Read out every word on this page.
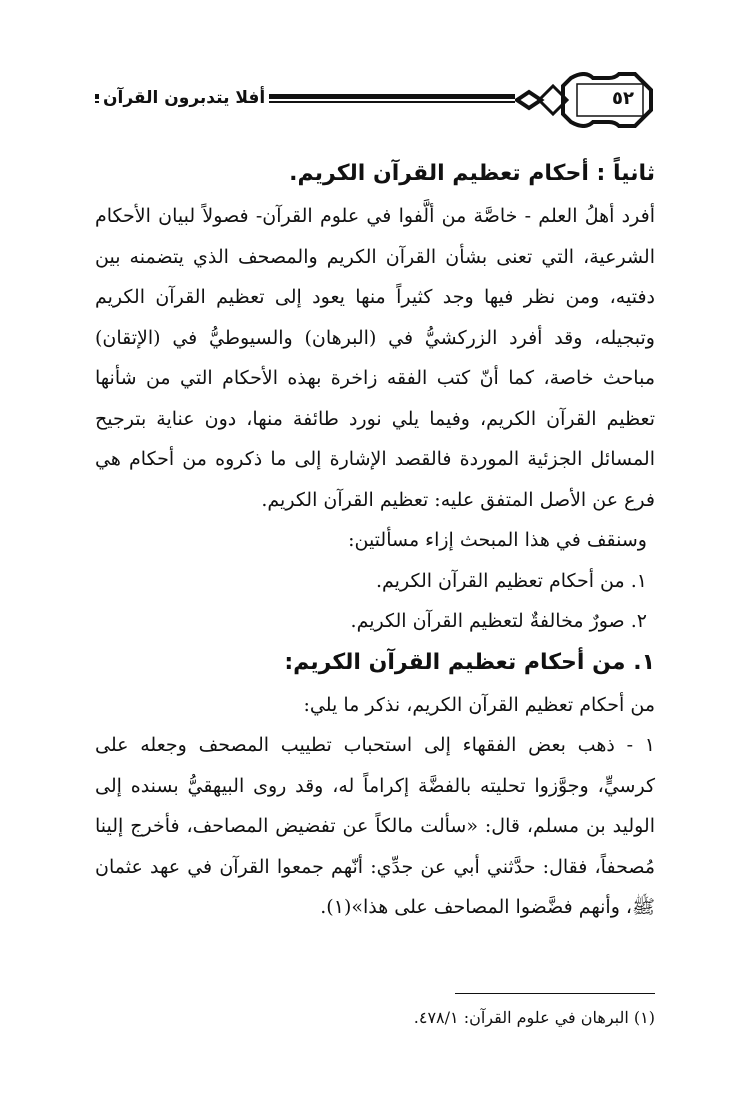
أفلا يتدبرون القرآن	٥٢
ثانياً : أحكام تعظيم القرآن الكريم.

أفرد أهلُ العلم - خاصَّة من ألَّفوا في علوم القرآن- فصولاً لبيان الأحكام الشرعية، التي تعنى بشأن القرآن الكريم والمصحف الذي يتضمنه بين دفتيه، ومن نظر فيها وجد كثيراً منها يعود إلى تعظيم القرآن الكريم وتبجيله، وقد أفرد الزركشيُّ في (البرهان) والسيوطيُّ في (الإتقان) مباحث خاصة، كما أنّ كتب الفقه زاخرة بهذه الأحكام التي من شأنها تعظيم القرآن الكريم، وفيما يلي نورد طائفة منها، دون عناية بترجيح المسائل الجزئية الموردة فالقصد الإشارة إلى ما ذكروه من أحكام هي فرع عن الأصل المتفق عليه: تعظيم القرآن الكريم.

وسنقف في هذا المبحث إزاء مسألتين:

١. من أحكام تعظيم القرآن الكريم.

٢. صورٌ مخالفةٌ لتعظيم القرآن الكريم.

١. من أحكام تعظيم القرآن الكريم:

من أحكام تعظيم القرآن الكريم، نذكر ما يلي:

١ - ذهب بعض الفقهاء إلى استحباب تطييب المصحف وجعله على كرسيٍّ، وجوَّزوا تحليته بالفضَّة إكراماً له، وقد روى البيهقيُّ بسنده إلى الوليد بن مسلم، قال: «سألت مالكاً عن تفضيض المصاحف، فأخرج إلينا مُصحفاً، فقال: حدَّثني أبي عن جدِّي: أنّهم جمعوا القرآن في عهد عثمان ﷺ، وأنهم فضَّضوا المصاحف على هذا»(١).

(١) البرهان في علوم القرآن: ٤٧٨/١.
